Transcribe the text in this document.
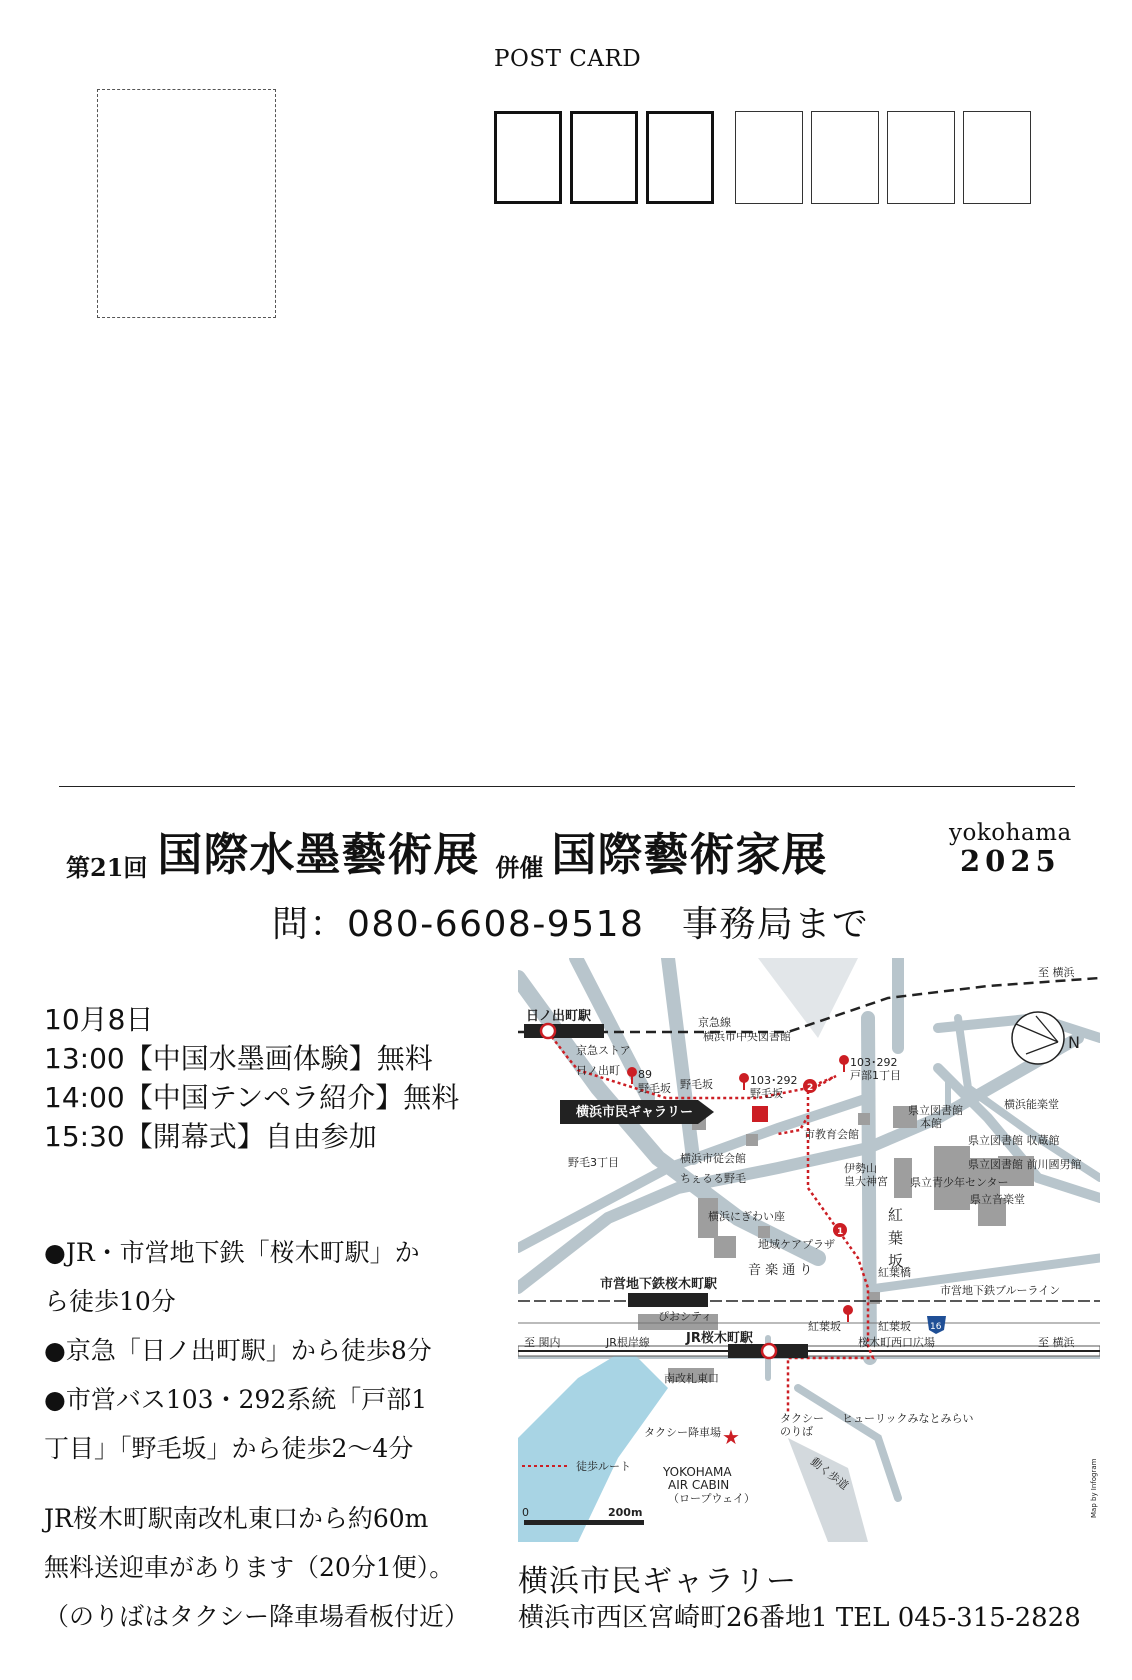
POST CARD
第21回 国際水墨藝術展 併催 国際藝術家展	yokohama
2025
問：080-6608-9518　事務局まで
10月8日
13:00【中国水墨画体験】無料
14:00【中国テンペラ紹介】無料
15:30【開幕式】自由参加
●JR・市営地下鉄「桜木町駅」か
ら徒歩10分
●京急「日ノ出町駅」から徒歩8分
●市営バス103・292系統「戸部1
丁目」「野毛坂」から徒歩2〜4分
JR桜木町駅南改札東口から約60m
無料送迎車があります（20分1便）。
（のりばはタクシー降車場看板付近）
★
至 横浜
日ノ出町駅	京急線
京急ストア
日ノ出町
横浜市中央図書館	N
89
野毛坂 野毛坂	103･292
野毛坂
103･292
戸部1丁目
県立図書館
本館
横浜能楽堂
横浜市民ギャラリー
市教育会館	県立図書館 収蔵館
県立図書館 前川國男館
野毛3丁目	横浜市従会館
伊勢山
皇大神宮 県立青少年センター
ちぇるる野毛
県立音楽堂
紅
葉
坂
横浜にぎわい座
地域ケアプラザ
音 楽 通 り	紅葉橋
市営地下鉄桜木町駅	市営地下鉄ブルーライン
ぴおシティ
紅葉坂	紅葉坂 16
至 関内	JR根岸線	JR桜木町駅	桜木町西口広場	至 横浜
南改札東口
タクシー降車場
タクシー
のりば
ヒューリックみなとみらい
徒歩ルート	動く歩道
YOKOHAMA
AIR CABIN
（ロープウェイ）
0	200m	Map by Infogram
2
1
横浜市民ギャラリー
横浜市西区宮崎町26番地1 TEL 045-315-2828
